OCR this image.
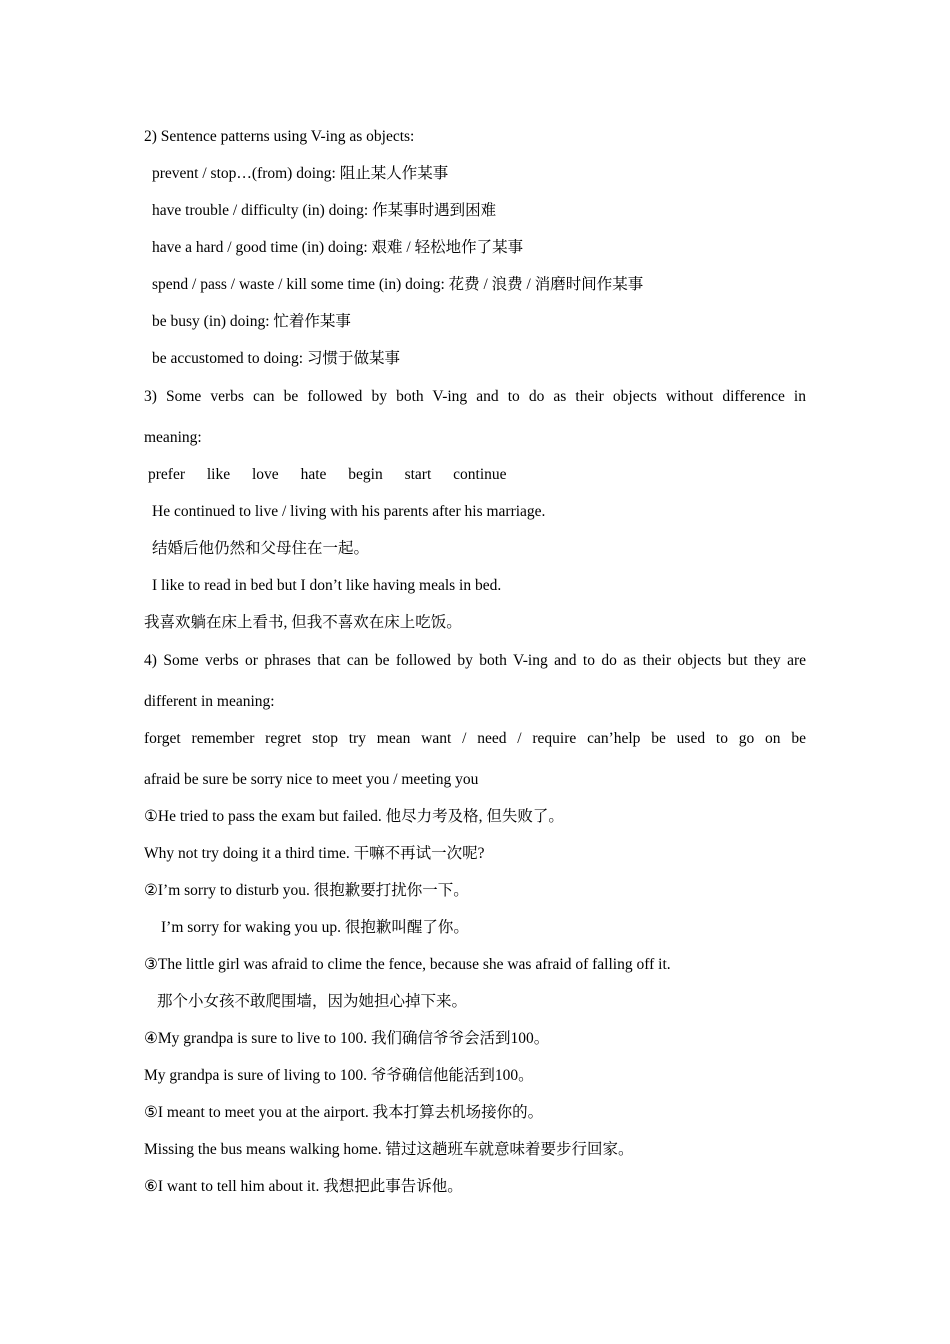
2) Sentence patterns using V-ing as objects:
prevent / stop…(from) doing: 阻止某人作某事
have trouble / difficulty (in) doing: 作某事时遇到困难
have a hard / good time (in) doing: 艰难 / 轻松地作了某事
spend / pass / waste / kill some time (in) doing: 花费 / 浪费 / 消磨时间作某事
be busy (in) doing: 忙着作某事
be accustomed to doing: 习惯于做某事
3) Some verbs can be followed by both V-ing and to do as their objects without difference in
meaning:
prefer like love hate begin start continue
He continued to live / living with his parents after his marriage.
结婚后他仍然和父母住在一起。
I like to read in bed but I don’t like having meals in bed.
我喜欢躺在床上看书, 但我不喜欢在床上吃饭。
4) Some verbs or phrases that can be followed by both V-ing and to do as their objects but they are
different in meaning:
forget remember regret stop try mean want / need / require can’help be used to go on be
afraid be sure be sorry nice to meet you / meeting you
①He tried to pass the exam but failed. 他尽力考及格, 但失败了。
Why not try doing it a third time. 干嘛不再试一次呢?
②I’m sorry to disturb you. 很抱歉要打扰你一下。
I’m sorry for waking you up. 很抱歉叫醒了你。
③The little girl was afraid to clime the fence, because she was afraid of falling off it.
那个小女孩不敢爬围墙，因为她担心掉下来。
④My grandpa is sure to live to 100. 我们确信爷爷会活到100。
My grandpa is sure of living to 100. 爷爷确信他能活到100。
⑤I meant to meet you at the airport. 我本打算去机场接你的。
Missing the bus means walking home. 错过这趟班车就意味着要步行回家。
⑥I want to tell him about it. 我想把此事告诉他。
